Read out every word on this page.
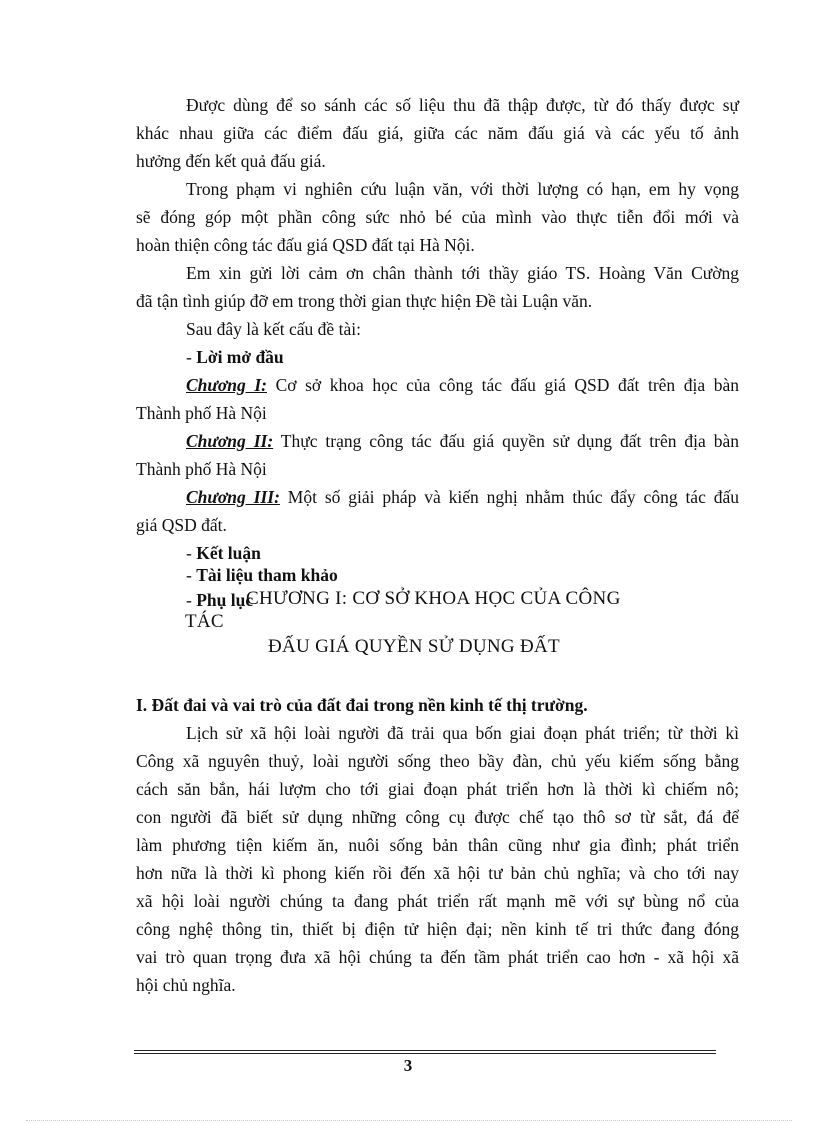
Được dùng để so sánh các số liệu thu đã thập được, từ đó thấy được sự
khác nhau giữa các điểm đấu giá, giữa các năm đấu giá và các yếu tố ảnh
hưởng đến kết quả đấu giá.
Trong phạm vi nghiên cứu luận văn, với thời lượng có hạn, em hy vọng
sẽ đóng góp một phần công sức nhỏ bé của mình vào thực tiễn đổi mới và
hoàn thiện công tác đấu giá QSD đất tại Hà Nội.
Em xin gửi lời cảm ơn chân thành tới thầy giáo TS. Hoàng Văn Cường
đã tận tình giúp đỡ em trong thời gian thực hiện Đề tài Luận văn.
Sau đây là kết cấu đề tài:
- Lời mở đầu
Chương I: Cơ sở khoa học của công tác đấu giá QSD đất trên địa bàn
Thành phố Hà Nội
Chương II: Thực trạng công tác đấu giá quyền sử dụng đất trên địa bàn
Thành phố Hà Nội
Chương III: Một số giải pháp và kiến nghị nhằm thúc đẩy công tác đấu
giá QSD đất.
- Kết luận
- Tài liệu tham khảo
- Phụ lục
CHƯƠNG I: CƠ SỞ KHOA HỌC CỦA CÔNG
TÁC
ĐẤU GIÁ QUYỀN SỬ DỤNG ĐẤT
I. Đất đai và vai trò của đất đai trong nền kinh tế thị trường.
Lịch sử xã hội loài người đã trải qua bốn giai đoạn phát triển; từ thời kì
Công xã nguyên thuỷ, loài người sống theo bầy đàn, chủ yếu kiếm sống bằng
cách săn bắn, hái lượm cho tới giai đoạn phát triển hơn là thời kì chiếm nô;
con người đã biết sử dụng những công cụ được chế tạo thô sơ từ sắt, đá để
làm phương tiện kiếm ăn, nuôi sống bản thân cũng như gia đình; phát triển
hơn nữa là thời kì phong kiến rồi đến xã hội tư bản chủ nghĩa; và cho tới nay
xã hội loài người chúng ta đang phát triển rất mạnh mẽ với sự bùng nổ của
công nghệ thông tin, thiết bị điện tử hiện đại; nền kinh tế tri thức đang đóng
vai trò quan trọng đưa xã hội chúng ta đến tầm phát triển cao hơn - xã hội xã
hội chủ nghĩa.
3
